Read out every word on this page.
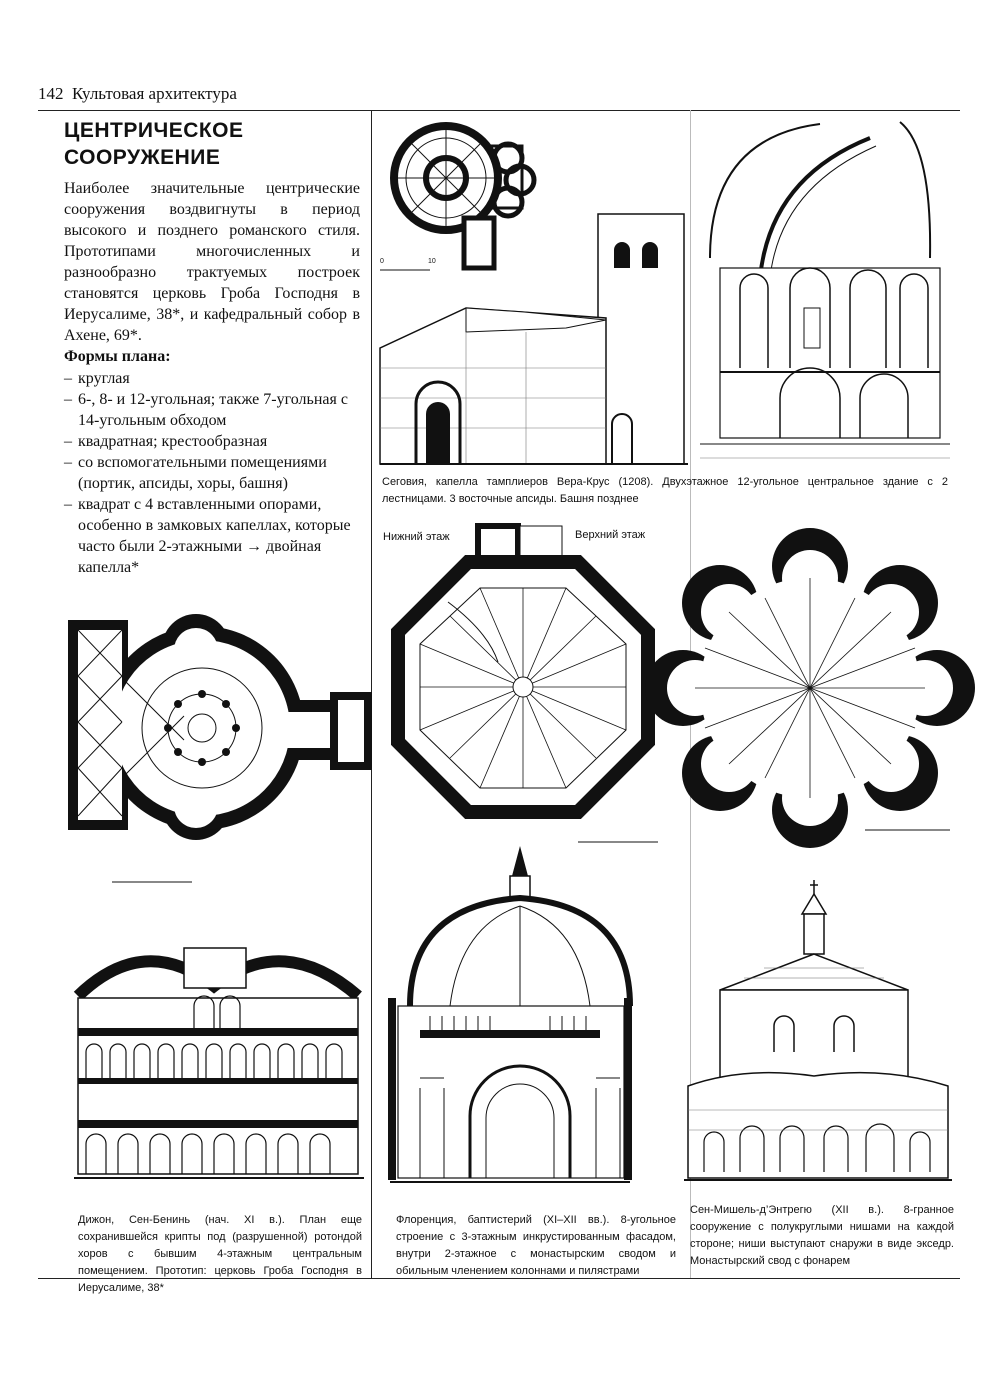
142 Культовая архитектура
ЦЕНТРИЧЕСКОЕ
СООРУЖЕНИЕ
Наиболее значительные центрические сооружения воздвигнуты в период высокого и позднего романского стиля. Прототипами многочисленных и разнообразно трактуемых построек становятся церковь Гроба Господня в Иерусалиме, 38*, и кафедральный собор в Ахене, 69*.
Формы плана:
– круглая
– 6-, 8- и 12-угольная; также 7-угольная с 14-угольным обходом
– квадратная; крестообразная
– со вспомогательными помещениями (портик, апсиды, хоры, башня)
– квадрат с 4 вставленными опорами, особенно в замковых капеллах, которые часто были 2-этажными → двойная капелла*
0	10
Сеговия, капелла тамплиеров Вера-Крус (1208). Двухэтажное 12-угольное центральное здание с 2 лестницами. 3 восточные апсиды. Башня позднее
Нижний этаж	Верхний этаж
Дижон, Сен-Бенинь (нач. XI в.). План еще сохранившейся крипты под (разрушенной) ротондой хоров с бывшим 4-этажным центральным помещением. Прототип: церковь Гроба Господня в Иерусалиме, 38*
Флоренция, баптистерий (XI–XII вв.). 8-угольное строение с 3-этажным инкрустированным фасадом, внутри 2-этажное с монастырским сводом и обильным членением колоннами и пилястрами
Сен-Мишель-д’Энтрегю (XII в.). 8-гранное сооружение с полукруглыми нишами на каждой стороне; ниши выступают снаружи в виде экседр. Монастырский свод с фонарем
